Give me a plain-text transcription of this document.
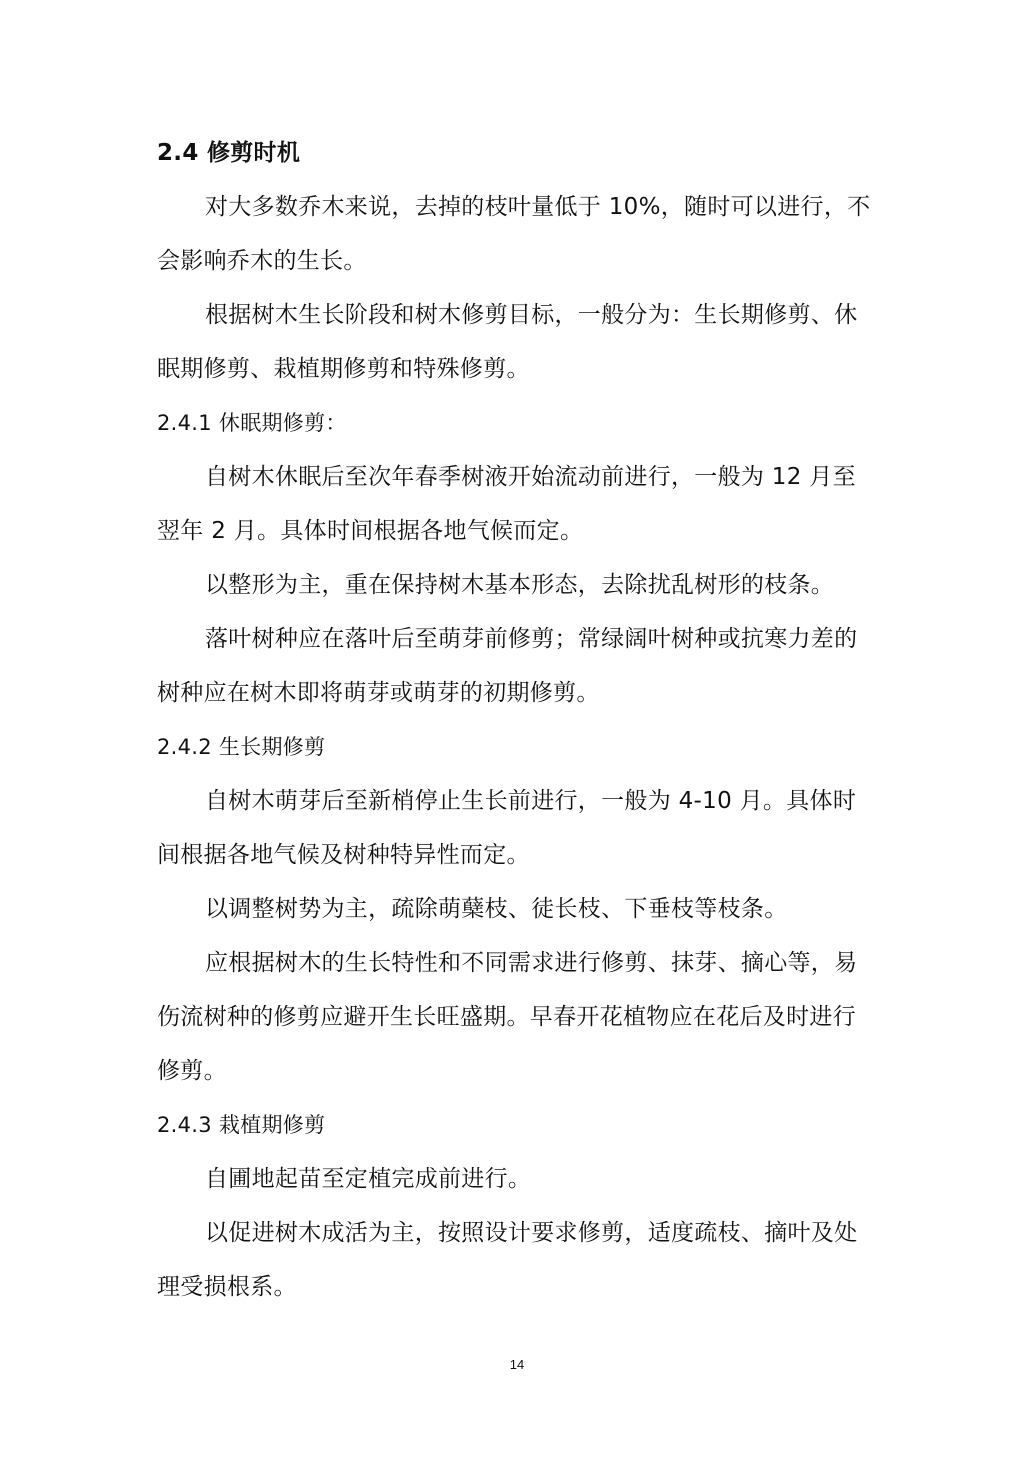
2.4 修剪时机
对大多数乔木来说，去掉的枝叶量低于 10%，随时可以进行，不
会影响乔木的生长。
根据树木生长阶段和树木修剪目标，一般分为：生长期修剪、休
眠期修剪、栽植期修剪和特殊修剪。
2.4.1 休眠期修剪：
自树木休眠后至次年春季树液开始流动前进行，一般为 12 月至
翌年 2 月。具体时间根据各地气候而定。
以整形为主，重在保持树木基本形态，去除扰乱树形的枝条。
落叶树种应在落叶后至萌芽前修剪；常绿阔叶树种或抗寒力差的
树种应在树木即将萌芽或萌芽的初期修剪。
2.4.2 生长期修剪
自树木萌芽后至新梢停止生长前进行，一般为 4-10 月。具体时
间根据各地气候及树种特异性而定。
以调整树势为主，疏除萌蘖枝、徒长枝、下垂枝等枝条。
应根据树木的生长特性和不同需求进行修剪、抹芽、摘心等，易
伤流树种的修剪应避开生长旺盛期。早春开花植物应在花后及时进行
修剪。
2.4.3 栽植期修剪
自圃地起苗至定植完成前进行。
以促进树木成活为主，按照设计要求修剪，适度疏枝、摘叶及处
理受损根系。
14
